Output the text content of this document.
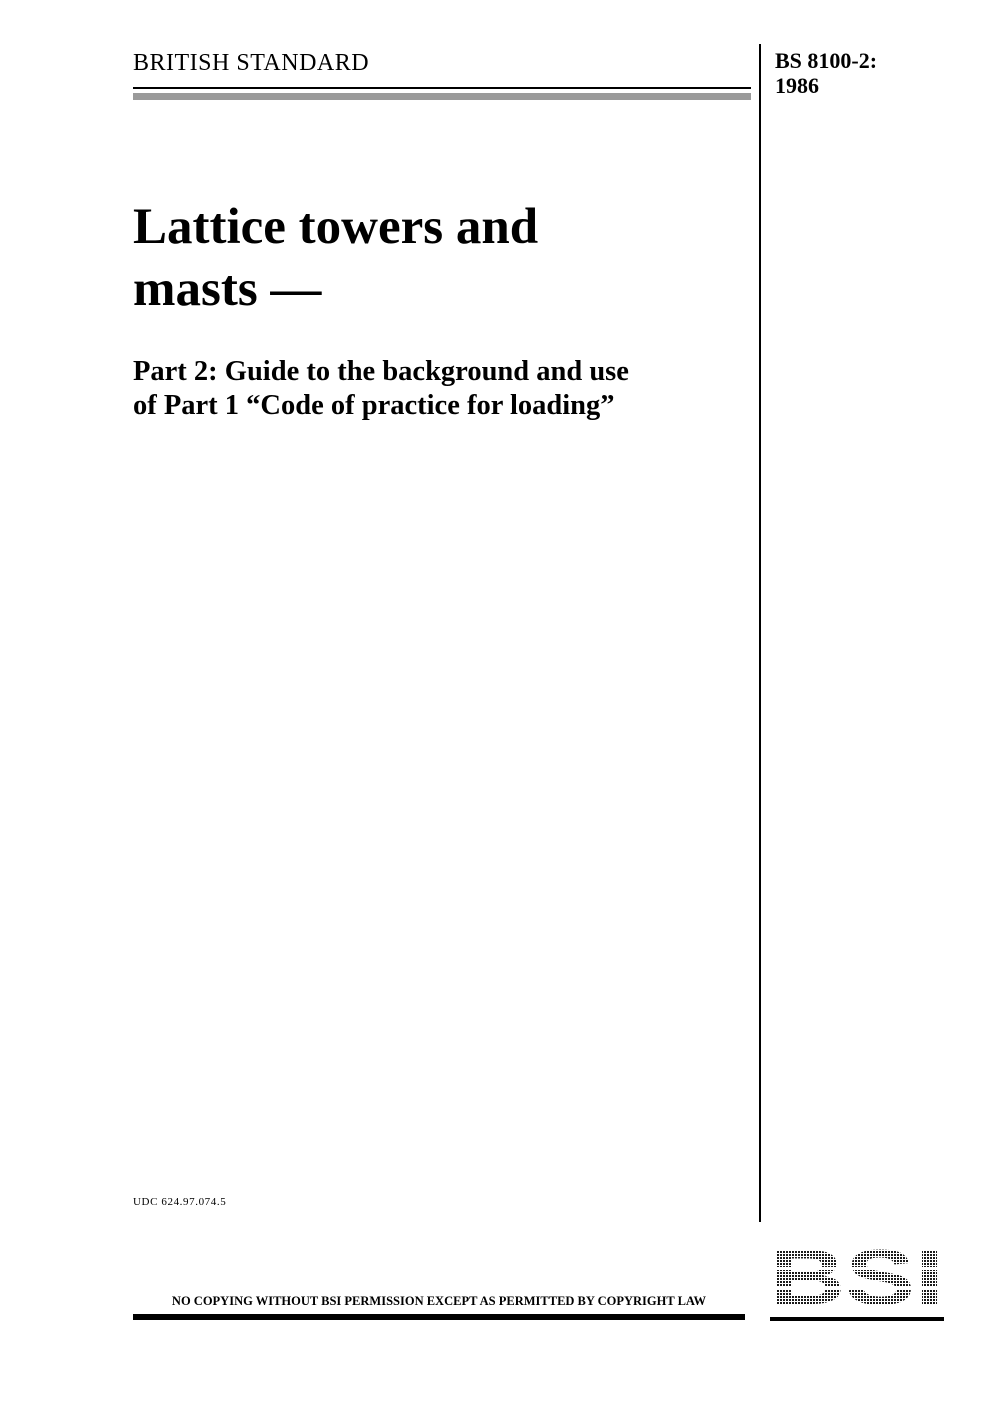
BRITISH STANDARD	BS 8100-2:
1986
Lattice towers and
masts —
Part 2: Guide to the background and use
of Part 1 “Code of practice for loading”
UDC 624.97.074.5
NO COPYING WITHOUT BSI PERMISSION EXCEPT AS PERMITTED BY COPYRIGHT LAW
